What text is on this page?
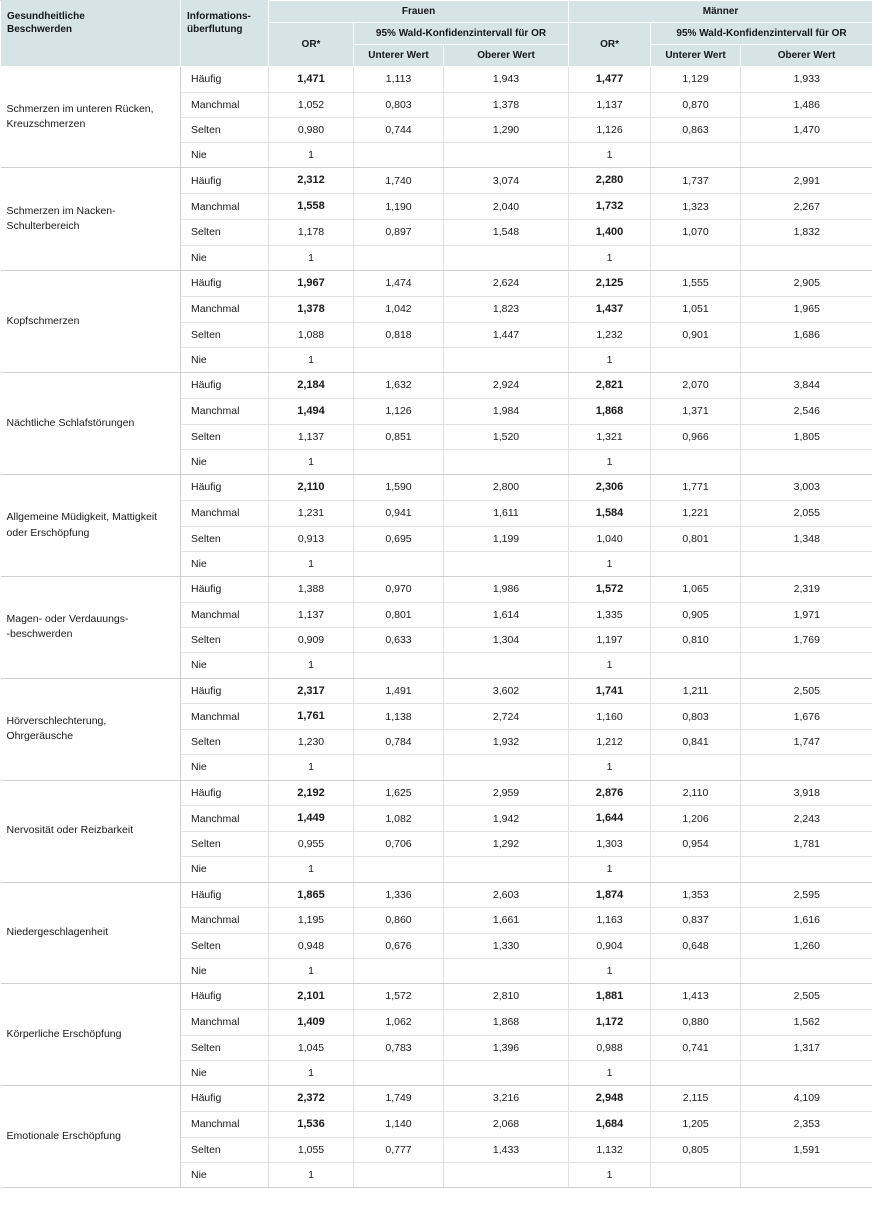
Gesundheitliche
Beschwerden

Informations-
überflutung
	Frauen	Männer
		OR*	95% Wald-Konfidenzintervall für OR		OR*	95% Wald-Konfidenzintervall für OR	
			Unterer Wert	Oberer Wert		Unterer Wert	Oberer Wert

Schmerzen im unteren Rücken,
Kreuzschmerzen	Häufig	1,471	1,113	1,943	1,477	1,129	1,933
	Manchmal	1,052	0,803	1,378	1,137	0,870	1,486
	Selten	0,980	0,744	1,290	1,126	0,863	1,470
	Nie	1			1		

Schmerzen im Nacken-
Schulterbereich	Häufig	2,312	1,740	3,074	2,280	1,737	2,991
	Manchmal	1,558	1,190	2,040	1,732	1,323	2,267
	Selten	1,178	0,897	1,548	1,400	1,070	1,832
	Nie	1			1		

Kopfschmerzen	Häufig	1,967	1,474	2,624	2,125	1,555	2,905
	Manchmal	1,378	1,042	1,823	1,437	1,051	1,965
	Selten	1,088	0,818	1,447	1,232	0,901	1,686
	Nie	1			1		

Nächtliche Schlafstörungen	Häufig	2,184	1,632	2,924	2,821	2,070	3,844
	Manchmal	1,494	1,126	1,984	1,868	1,371	2,546
	Selten	1,137	0,851	1,520	1,321	0,966	1,805
	Nie	1			1		

Allgemeine Müdigkeit, Mattigkeit
oder Erschöpfung	Häufig	2,110	1,590	2,800	2,306	1,771	3,003
	Manchmal	1,231	0,941	1,611	1,584	1,221	2,055
	Selten	0,913	0,695	1,199	1,040	0,801	1,348
	Nie	1			1		

Magen- oder Verdauungs-
-beschwerden	Häufig	1,388	0,970	1,986	1,572	1,065	2,319
	Manchmal	1,137	0,801	1,614	1,335	0,905	1,971
	Selten	0,909	0,633	1,304	1,197	0,810	1,769
	Nie	1			1		

Hörverschlechterung,
Ohrgeräusche	Häufig	2,317	1,491	3,602	1,741	1,211	2,505
	Manchmal	1,761	1,138	2,724	1,160	0,803	1,676
	Selten	1,230	0,784	1,932	1,212	0,841	1,747
	Nie	1			1		

Nervosität oder Reizbarkeit	Häufig	2,192	1,625	2,959	2,876	2,110	3,918
	Manchmal	1,449	1,082	1,942	1,644	1,206	2,243
	Selten	0,955	0,706	1,292	1,303	0,954	1,781
	Nie	1			1		

Niedergeschlagenheit	Häufig	1,865	1,336	2,603	1,874	1,353	2,595
	Manchmal	1,195	0,860	1,661	1,163	0,837	1,616
	Selten	0,948	0,676	1,330	0,904	0,648	1,260
	Nie	1			1		

Körperliche Erschöpfung	Häufig	2,101	1,572	2,810	1,881	1,413	2,505
	Manchmal	1,409	1,062	1,868	1,172	0,880	1,562
	Selten	1,045	0,783	1,396	0,988	0,741	1,317
	Nie	1			1		

Emotionale Erschöpfung	Häufig	2,372	1,749	3,216	2,948	2,115	4,109
	Manchmal	1,536	1,140	2,068	1,684	1,205	2,353
	Selten	1,055	0,777	1,433	1,132	0,805	1,591
	Nie	1			1		
